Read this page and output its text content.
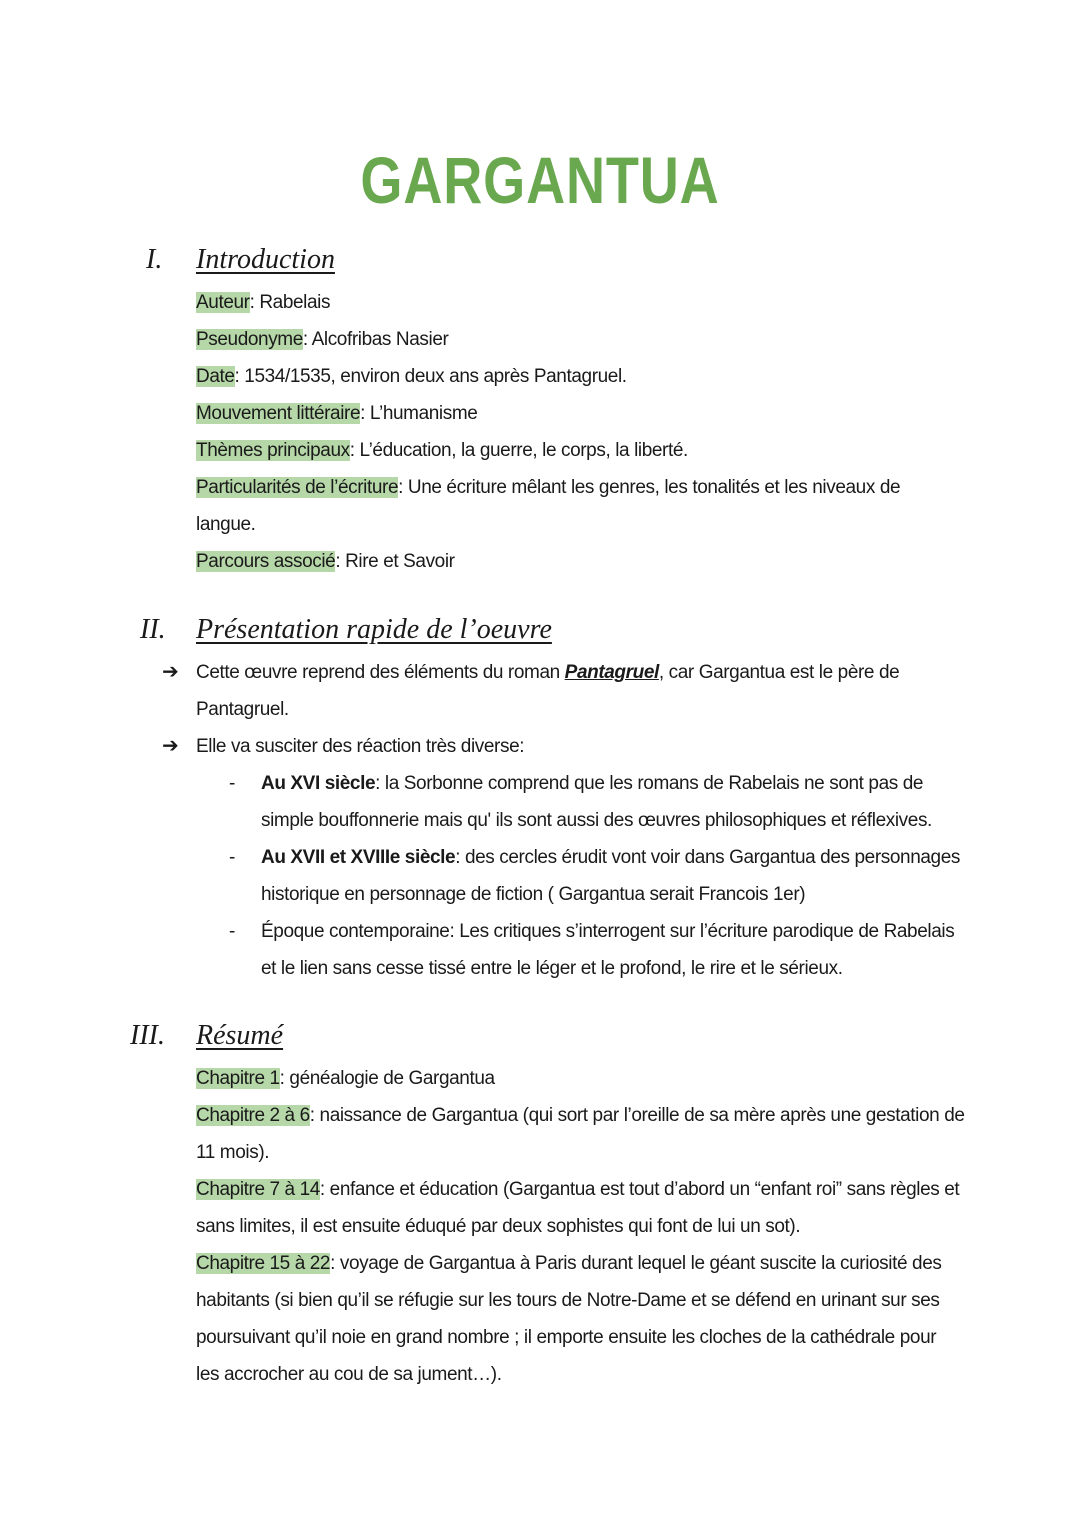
GARGANTUA
I. Introduction
Auteur: Rabelais
Pseudonyme: Alcofribas Nasier
Date: 1534/1535, environ deux ans après Pantagruel.
Mouvement littéraire: L’humanisme
Thèmes principaux: L’éducation, la guerre, le corps, la liberté.
Particularités de l’écriture: Une écriture mêlant les genres, les tonalités et les niveaux de
langue.
Parcours associé: Rire et Savoir
II. Présentation rapide de l’oeuvre
➔ Cette œuvre reprend des éléments du roman Pantagruel, car Gargantua est le père de
Pantagruel.
➔ Elle va susciter des réaction très diverse:
- Au XVI siècle: la Sorbonne comprend que les romans de Rabelais ne sont pas de
simple bouffonnerie mais qu' ils sont aussi des œuvres philosophiques et réflexives.
- Au XVII et XVIIIe siècle: des cercles érudit vont voir dans Gargantua des personnages
historique en personnage de fiction ( Gargantua serait Francois 1er)
- Époque contemporaine: Les critiques s’interrogent sur l’écriture parodique de Rabelais
et le lien sans cesse tissé entre le léger et le profond, le rire et le sérieux.
III. Résumé
Chapitre 1: généalogie de Gargantua
Chapitre 2 à 6: naissance de Gargantua (qui sort par l’oreille de sa mère après une gestation de
11 mois).
Chapitre 7 à 14: enfance et éducation (Gargantua est tout d’abord un “enfant roi” sans règles et
sans limites, il est ensuite éduqué par deux sophistes qui font de lui un sot).
Chapitre 15 à 22: voyage de Gargantua à Paris durant lequel le géant suscite la curiosité des
habitants (si bien qu’il se réfugie sur les tours de Notre-Dame et se défend en urinant sur ses
poursuivant qu’il noie en grand nombre ; il emporte ensuite les cloches de la cathédrale pour
les accrocher au cou de sa jument…).
